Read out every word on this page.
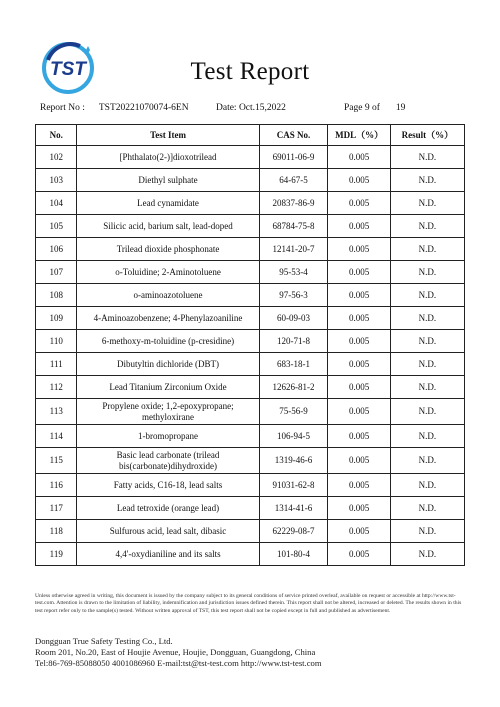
TST	Test Report
Report No : TST20221070074-6EN	Date: Oct.15,2022	Page 9 of 19
No.	Test Item	CAS No.	MDL（%）	Result（%）
102	[Phthalato(2-)]dioxotrilead	69011-06-9	0.005	N.D.
103	Diethyl sulphate	64-67-5	0.005	N.D.
104	Lead cynamidate	20837-86-9	0.005	N.D.
105	Silicic acid, barium salt, lead-doped	68784-75-8	0.005	N.D.
106	Trilead dioxide phosphonate	12141-20-7	0.005	N.D.
107	o-Toluidine; 2-Aminotoluene	95-53-4	0.005	N.D.
108	o-aminoazotoluene	97-56-3	0.005	N.D.
109	4-Aminoazobenzene; 4-Phenylazoaniline	60-09-03	0.005	N.D.
110	6-methoxy-m-toluidine (p-cresidine)	120-71-8	0.005	N.D.
111	Dibutyltin dichloride (DBT)	683-18-1	0.005	N.D.
112	Lead Titanium Zirconium Oxide	12626-81-2	0.005	N.D.
113	Propylene oxide; 1,2-epoxypropane; methyloxirane	75-56-9	0.005	N.D.
114	1-bromopropane	106-94-5	0.005	N.D.
115	Basic lead carbonate (trilead bis(carbonate)dihydroxide)	1319-46-6	0.005	N.D.
116	Fatty acids, C16-18, lead salts	91031-62-8	0.005	N.D.
117	Lead tetroxide (orange lead)	1314-41-6	0.005	N.D.
118	Sulfurous acid, lead salt, dibasic	62229-08-7	0.005	N.D.
119	4,4'-oxydianiline and its salts	101-80-4	0.005	N.D.
Unless otherwise agreed in writing, this document is issued by the company subject to its general conditions of service printed overleaf, available on request or accessible at http://www.tst-test.com. Attention is drawn to the limitation of liability, indemnification and jurisdiction issues defined therein. This report shall not be altered, increased or deleted. The results shown in this test report refer only to the sample(s) tested. Without written approval of TST, this test report shall not be copied except in full and published as advertisement.
Dongguan True Safety Testing Co., Ltd.
Room 201, No.20, East of Houjie Avenue, Houjie, Dongguan, Guangdong, China
Tel:86-769-85088050 4001086960 E-mail:tst@tst-test.com http://www.tst-test.com
